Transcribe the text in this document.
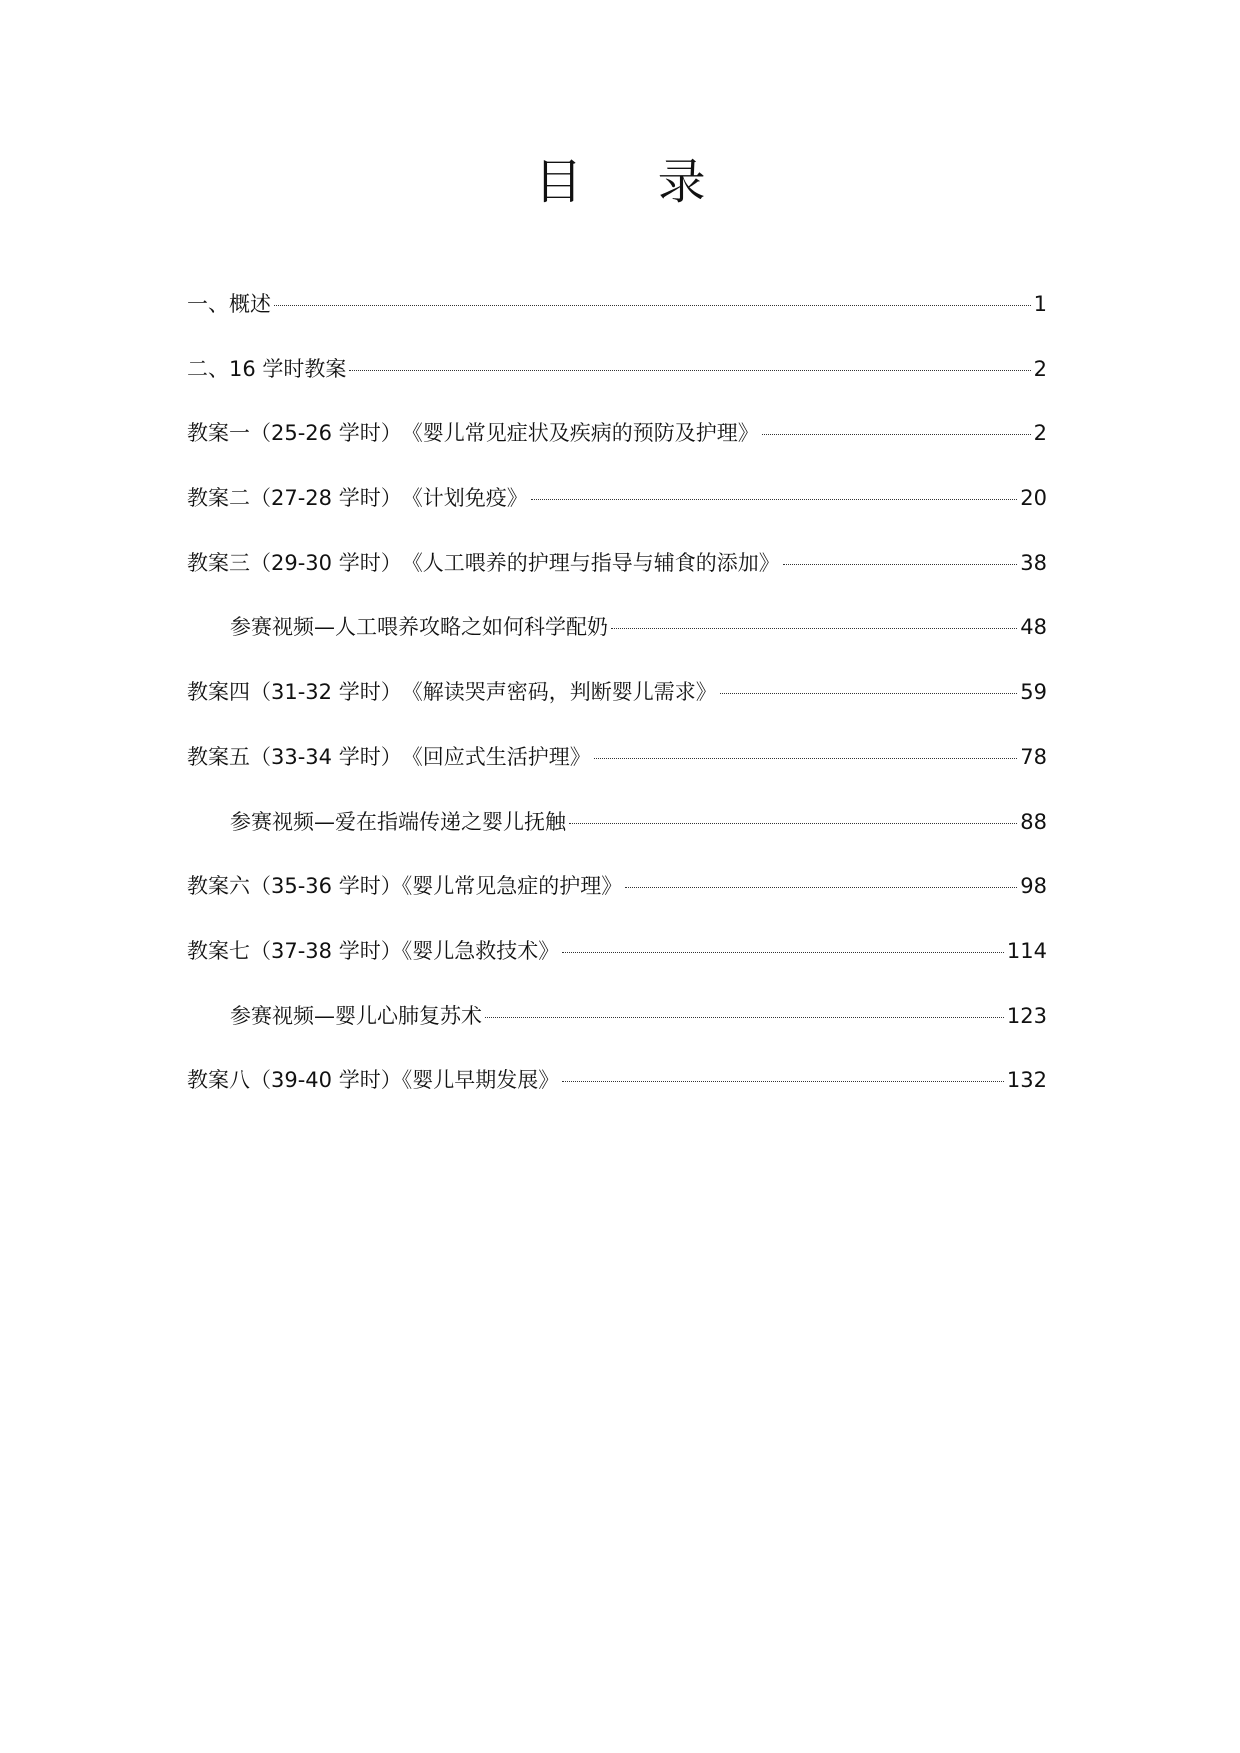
目 录
一、概述	1
二、16 学时教案	2
教案一（25-26 学时）　《婴儿常见症状及疾病的预防及护理》	2
教案二（27-28 学时）　《计划免疫》	20
教案三（29-30 学时）　《人工喂养的护理与指导与辅食的添加》	38
参赛视频—人工喂养攻略之如何科学配奶	48
教案四（31-32 学时）　《解读哭声密码，判断婴儿需求》	59
教案五（33-34 学时）　《回应式生活护理》	78
参赛视频—爱在指端传递之婴儿抚触	88
教案六（35-36 学时）《婴儿常见急症的护理》	98
教案七（37-38 学时）《婴儿急救技术》	114
参赛视频—婴儿心肺复苏术	123
教案八（39-40 学时）《婴儿早期发展》	132
